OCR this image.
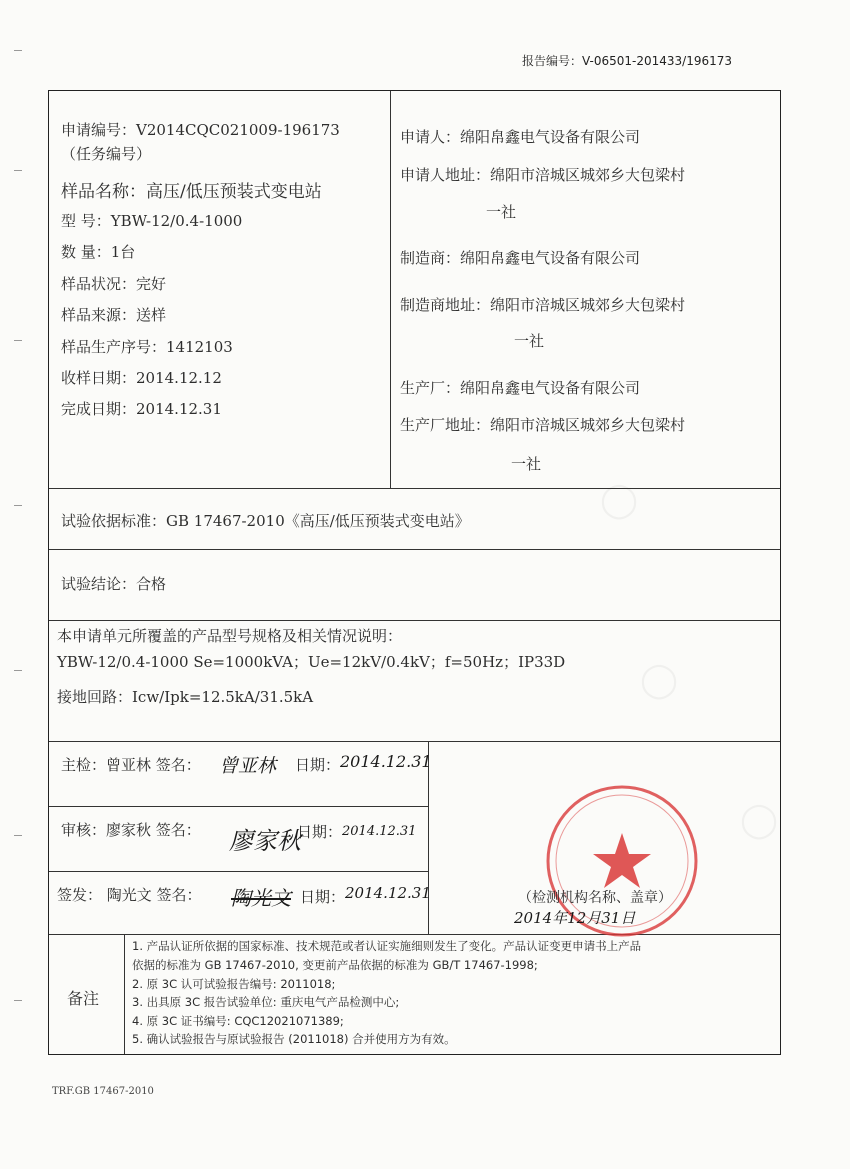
◯
◯
◯
报告编号：V-06501-201433/196173
申请编号：V2014CQC021009-196173
（任务编号）
样品名称：高压/低压预装式变电站
型 号：YBW-12/0.4-1000
数 量：1台
样品状况：完好
样品来源：送样
样品生产序号：1412103
收样日期：2014.12.12
完成日期：2014.12.31
申请人：绵阳帛鑫电气设备有限公司
申请人地址：绵阳市涪城区城郊乡大包梁村
一社
制造商：绵阳帛鑫电气设备有限公司
制造商地址：绵阳市涪城区城郊乡大包梁村
一社
生产厂：绵阳帛鑫电气设备有限公司
生产厂地址：绵阳市涪城区城郊乡大包梁村
一社
试验依据标准：GB 17467-2010《高压/低压预装式变电站》
试验结论：合格
本申请单元所覆盖的产品型号规格及相关情况说明：
YBW-12/0.4-1000 Se=1000kVA；Ue=12kV/0.4kV；f=50Hz；IP33D
接地回路：Icw/Ipk=12.5kA/31.5kA
主检：曾亚林 签名： 曾亚林 日期： 2014.12.31
审核：廖家秋 签名： 廖家秋
日期： 2014.12.31
签发： 陶光文 签名： 陶光文 日期： 2014.12.31	（检测机构名称、盖章）
2014年12月31日
备注
1. 产品认证所依据的国家标准、技术规范或者认证实施细则发生了变化。产品认证变更申请书上产品
依据的标准为 GB 17467-2010, 变更前产品依据的标准为 GB/T 17467-1998;
2. 原 3C 认可试验报告编号: 2011018;
3. 出具原 3C 报告试验单位: 重庆电气产品检测中心;
4. 原 3C 证书编号: CQC12021071389;
5. 确认试验报告与原试验报告 (2011018) 合并使用方为有效。
TRF.GB 17467-2010
